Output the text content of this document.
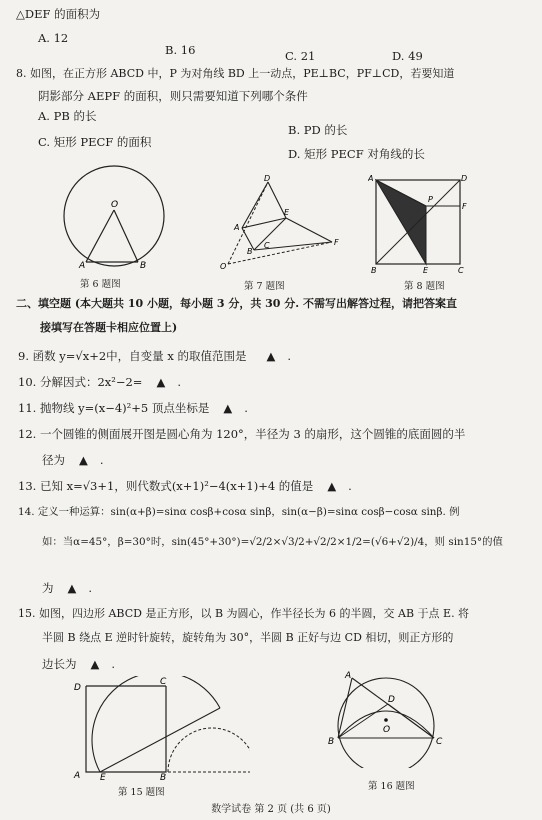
△DEF 的面积为
A. 12
B. 16	C. 21	D. 49
8. 如图，在正方形 ABCD 中，P 为对角线 BD 上一动点，PE⊥BC，PF⊥CD，若要知道
阴影部分 AEPF 的面积，则只需要知道下列哪个条件
A. PB 的长
B. PD 的长
C. 矩形 PECF 的面积
D. 矩形 PECF 对角线的长
O
A	B
第 6 题图
D
E
A
B
C	F
O
第 7 题图
A	D
P
F
B	E	C
第 8 题图
二、填空题 (本大题共 10 小题，每小题 3 分，共 30 分. 不需写出解答过程，请把答案直
接填写在答题卡相应位置上)
9. 函数 y=√x+2中，自变量 x 的取值范围是 ▲ .
10. 分解因式：2x²−2= ▲ .
11. 抛物线 y=(x−4)²+5 顶点坐标是 ▲ .
12. 一个圆锥的侧面展开图是圆心角为 120°，半径为 3 的扇形，这个圆锥的底面圆的半
径为 ▲ .
13. 已知 x=√3+1，则代数式(x+1)²−4(x+1)+4 的值是 ▲ .
14. 定义一种运算：sin(α+β)=sinα cosβ+cosα sinβ，sin(α−β)=sinα cosβ−cosα sinβ. 例
如：当α=45°，β=30°时，sin(45°+30°)=√2/2×√3/2+√2/2×1/2=(√6+√2)/4，则 sin15°的值
为 ▲ .
15. 如图，四边形 ABCD 是正方形，以 B 为圆心，作半径长为 6 的半圆，交 AB 于点 E. 将
半圆 B 绕点 E 逆时针旋转，旋转角为 30°，半圆 B 正好与边 CD 相切，则正方形的
边长为 ▲ .
D
C
A E	B
第 15 题图
A
D
O
B	C
第 16 题图
数学试卷 第 2 页 (共 6 页)
